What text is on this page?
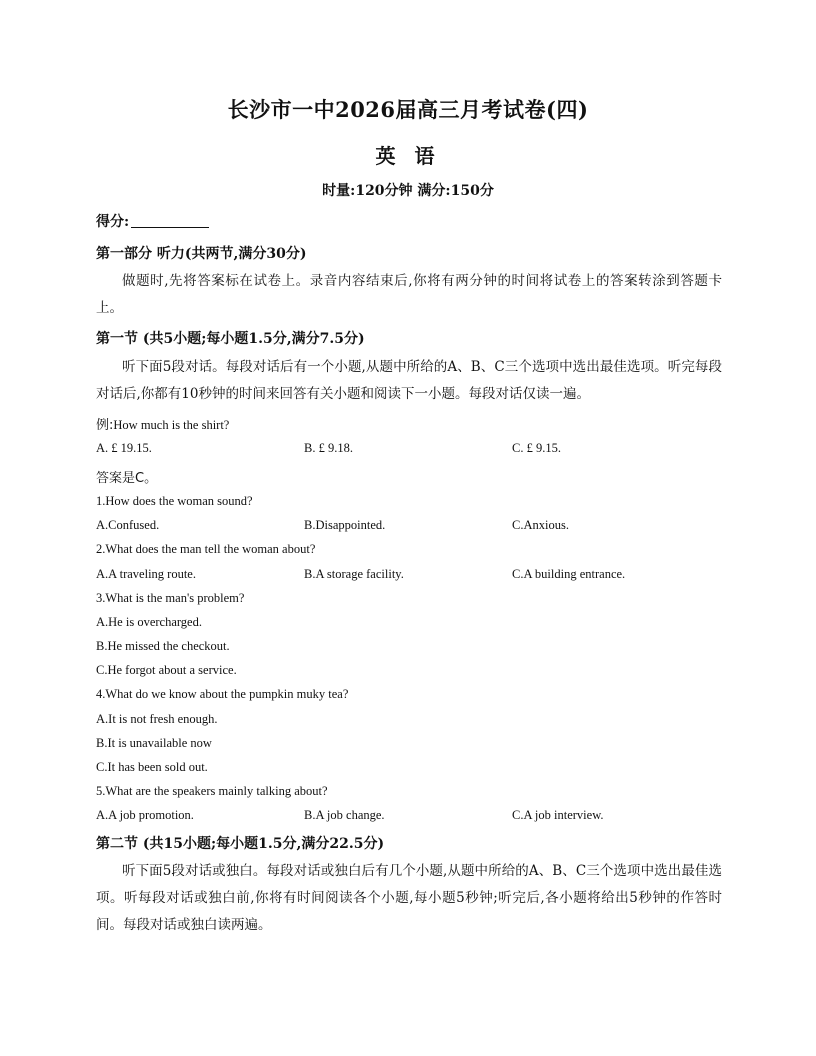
长沙市一中2026届高三月考试卷(四)
英 语
时量:120分钟 满分:150分
得分:
第一部分 听力(共两节,满分30分)
做题时,先将答案标在试卷上。录音内容结束后,你将有两分钟的时间将试卷上的答案转涂到答题卡上。
第一节 (共5小题;每小题1.5分,满分7.5分)
听下面5段对话。每段对话后有一个小题,从题中所给的A、B、C三个选项中选出最佳选项。听完每段对话后,你都有10秒钟的时间来回答有关小题和阅读下一小题。每段对话仅读一遍。
例:How much is the shirt?
A. £ 19.15.	B. £ 9.18.	C. £ 9.15.
答案是C。
1.How does the woman sound?
A.Confused.	B.Disappointed.	C.Anxious.
2.What does the man tell the woman about?
A.A traveling route.	B.A storage facility.	C.A building entrance.
3.What is the man's problem?
A.He is overcharged.
B.He missed the checkout.
C.He forgot about a service.
4.What do we know about the pumpkin muky tea?
A.It is not fresh enough.
B.It is unavailable now
C.It has been sold out.
5.What are the speakers mainly talking about?
A.A job promotion.	B.A job change.	C.A job interview.
第二节 (共15小题;每小题1.5分,满分22.5分)
听下面5段对话或独白。每段对话或独白后有几个小题,从题中所给的A、B、C三个选项中选出最佳选项。听每段对话或独白前,你将有时间阅读各个小题,每小题5秒钟;听完后,各小题将给出5秒钟的作答时间。每段对话或独白读两遍。
